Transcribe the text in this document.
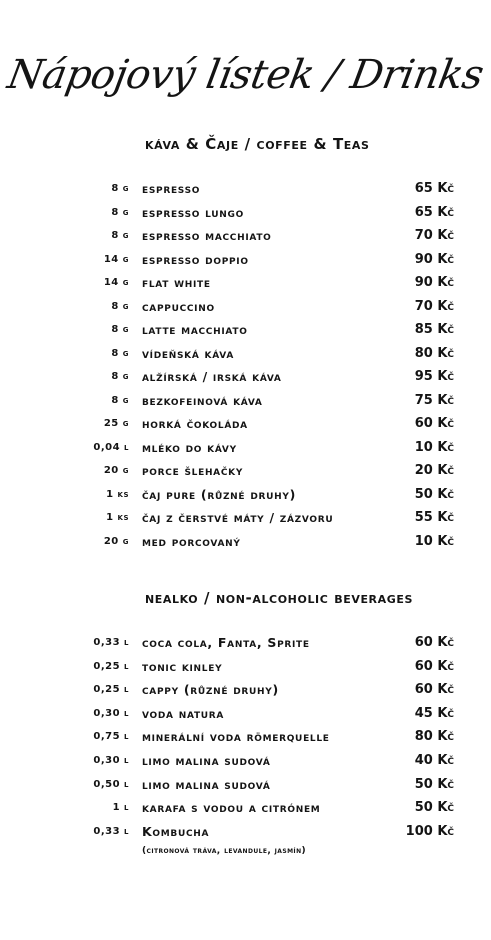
Nápojový lístek / Drinks
káva & Čaje / coffee & Teas
8 g espresso	65 Kč
8 g espresso lungo	65 Kč
8 g espresso macchiato	70 Kč
14 g espresso doppio	90 Kč
14 g flat white	90 Kč
8 g cappuccino	70 Kč
8 g latte macchiato	85 Kč
8 g vídeňská káva	80 Kč
8 g alžírská / irská káva	95 Kč
8 g bezkofeinová káva	75 Kč
25 g horká čokoláda	60 Kč
0,04 l mléko do kávy	10 Kč
20 g porce šlehačky	20 Kč
1 ks čaj pure (různé druhy)	50 Kč
1 ks čaj z čerstvé máty / zázvoru	55 Kč
20 g med porcovaný	10 Kč
nealko / non-alcoholic beverages
0,33 l coca cola, Fanta, Sprite	60 Kč
0,25 l tonic kinley	60 Kč
0,25 l cappy (různé druhy)	60 Kč
0,30 l voda natura	45 Kč
0,75 l minerální voda römerquelle	80 Kč
0,30 l limo malina sudová	40 Kč
0,50 l limo malina sudová	50 Kč
1 l karafa s vodou a citrónem	50 Kč
0,33 l Kombucha	100 Kč
(citronová tráva, levandule, jasmín)
